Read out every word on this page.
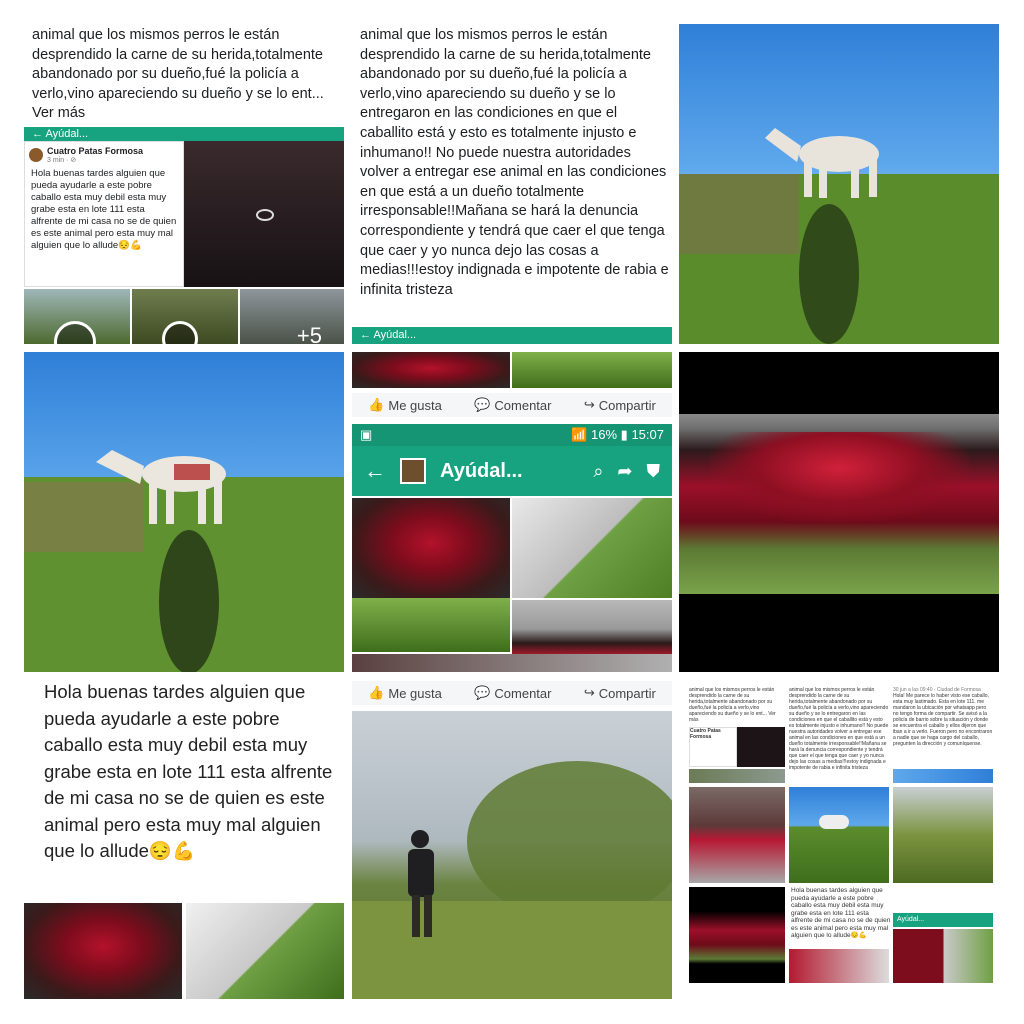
animal que los mismos perros le están desprendido la carne de su herida,totalmente abandonado por su dueño,fué la policía a verlo,vino apareciendo su dueño y se lo ent... Ver más
← Ayúdal...
Cuatro Patas Formosa
3 min · ⊘
Hola buenas tardes alguien que pueda ayudarle a este pobre caballo esta muy debil esta muy grabe esta en lote 111 esta alfrente de mi casa no se de quien es este animal pero esta muy mal alguien que lo allude😔💪
+5
animal que los mismos perros le están desprendido la carne de su herida,totalmente abandonado por su dueño,fué la policía a verlo,vino apareciendo su dueño y se lo entregaron en las condiciones en que el caballito está y esto es totalmente injusto e inhumano!! No puede nuestra autoridades volver a entregar ese animal en las condiciones en que está a un dueño totalmente irresponsable!!Mañana se hará la denuncia correspondiente y tendrá que caer el que tenga que caer y yo nunca dejo las cosas a medias!!!estoy indignada e impotente de rabia e infinita tristeza
← Ayúdal...
👍 Me gusta 💬 Comentar ↪ Compartir
▣	📶 16% ▮ 15:07
←	Ayúdal...	⌕ ➦ ⛊
Hola buenas tardes alguien que pueda ayudarle a este pobre caballo esta muy debil esta muy grabe esta en lote 111 esta alfrente de mi casa no se de quien es este animal pero esta muy mal alguien que lo allude😔💪
👍 Me gusta 💬 Comentar ↪ Compartir	animal que los mismos perros le están desprendido la carne de su herida,totalmente abandonado por su dueño,fué la policía a verlo,vino apareciendo su dueño y se lo ent... Ver más
animal que los mismos perros le están desprendido la carne de su herida,totalmente abandonado por su dueño,fué la policía a verlo,vino apareciendo su dueño y se lo entregaron en las condiciones en que el caballito está y esto es totalmente injusto e inhumano!! No puede nuestra autoridades volver a entregar ese animal en las condiciones en que está a un dueño totalmente irresponsable!!Mañana se hará la denuncia correspondiente y tendrá que caer el que tenga que caer y yo nunca dejo las cosas a medias!!!estoy indignada e impotente de rabia e infinita tristeza
30 jun a las 09:40 · Ciudad de Formosa
Hola! Me parece lo haber visto ese caballo, esta muy lastimado. Esta en lote 111. me mandaron la ubicación por whatsapp pero no tengo forma de compartir. Se avisó a la policía de barrio sobre la situación y donde se encuentra el caballo y ellos dijeron que iban a ir a verlo. Fueron pero no encontraron a nadie que se haga cargo del caballo, pregunten la dirección y comuníquense.
Cuatro Patas Formosa
Hola buenas tardes alguien que pueda ayudarle a este pobre caballo esta muy debil esta muy grabe esta en lote 111 esta alfrente de mi casa no se de quien es este animal pero esta muy mal alguien que lo allude😔💪
Ayúdal...
